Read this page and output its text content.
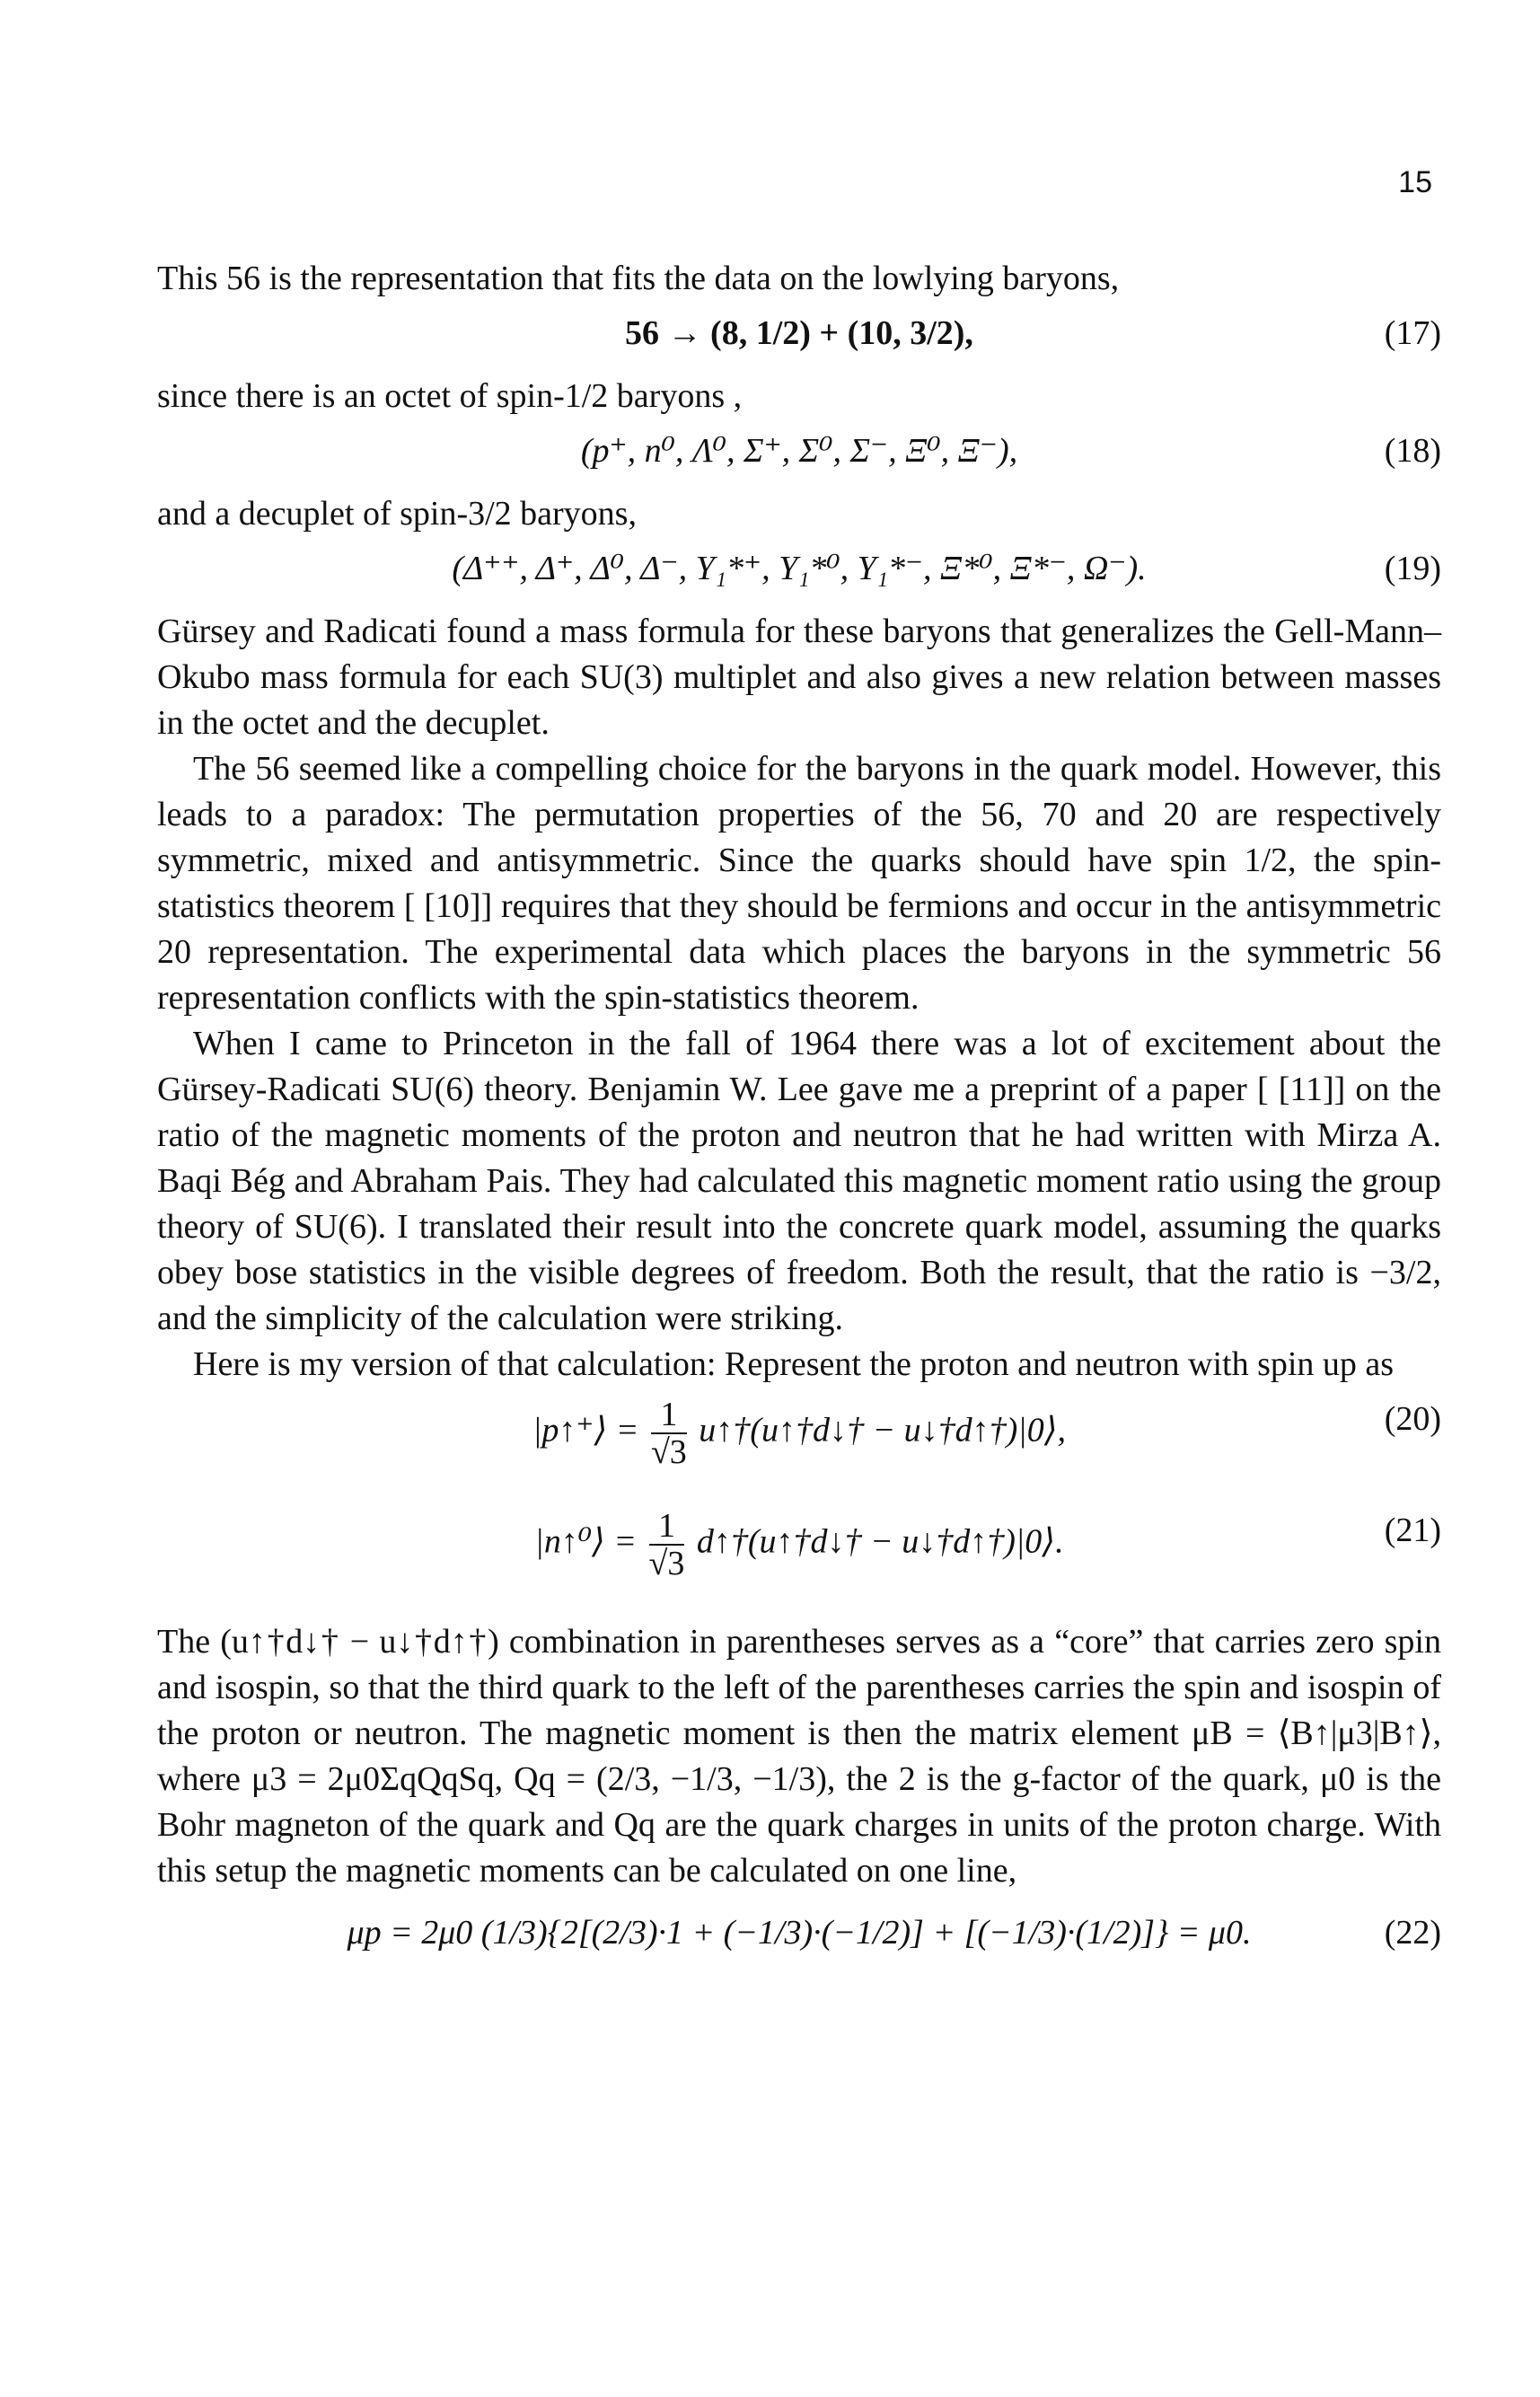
15

This 56 is the representation that fits the data on the lowlying baryons,

56 → (8, 1/2) + (10, 3/2),	(17)

since there is an octet of spin-1/2 baryons ,

(p⁺, n⁰, Λ⁰, Σ⁺, Σ⁰, Σ⁻, Ξ⁰, Ξ⁻),	(18)

and a decuplet of spin-3/2 baryons,

(Δ⁺⁺, Δ⁺, Δ⁰, Δ⁻, Y₁*⁺, Y₁*⁰, Y₁*⁻, Ξ*⁰, Ξ*⁻, Ω⁻).	(19)

Gürsey and Radicati found a mass formula for these baryons that generalizes the Gell-Mann–Okubo mass formula for each SU(3) multiplet and also gives a new relation between masses in the octet and the decuplet.

The 56 seemed like a compelling choice for the baryons in the quark model. However, this leads to a paradox: The permutation properties of the 56, 70 and 20 are respectively symmetric, mixed and antisymmetric. Since the quarks should have spin 1/2, the spin-statistics theorem [ [10]] requires that they should be fermions and occur in the antisymmetric 20 representation. The experimental data which places the baryons in the symmetric 56 representation conflicts with the spin-statistics theorem.

When I came to Princeton in the fall of 1964 there was a lot of excitement about the Gürsey-Radicati SU(6) theory. Benjamin W. Lee gave me a preprint of a paper [ [11]] on the ratio of the magnetic moments of the proton and neutron that he had written with Mirza A. Baqi Bég and Abraham Pais. They had calculated this magnetic moment ratio using the group theory of SU(6). I translated their result into the concrete quark model, assuming the quarks obey bose statistics in the visible degrees of freedom. Both the result, that the ratio is −3/2, and the simplicity of the calculation were striking.

Here is my version of that calculation: Represent the proton and neutron with spin up as

|p↑⁺⟩ = $\frac{1}{√3}$ u↑†(u↑†d↓† − u↓†d↑†)|0⟩,	(20)
|n↑⁰⟩ = $\frac{1}{√3}$ d↑†(u↑†d↓† − u↓†d↑†)|0⟩.	(21)

The (u↑†d↓† − u↓†d↑†) combination in parentheses serves as a “core” that carries zero spin and isospin, so that the third quark to the left of the parentheses carries the spin and isospin of the proton or neutron. The magnetic moment is then the matrix element μB = ⟨B↑|μ3|B↑⟩, where μ3 = 2μ0ΣqQqSq, Qq = (2/3, −1/3, −1/3), the 2 is the g-factor of the quark, μ0 is the Bohr magneton of the quark and Qq are the quark charges in units of the proton charge. With this setup the magnetic moments can be calculated on one line,

μp = 2μ0 (1/3){2[(2/3)·1 + (−1/3)·(−1/2)] + [(−1/3)·(1/2)]} = μ0.	(22)
